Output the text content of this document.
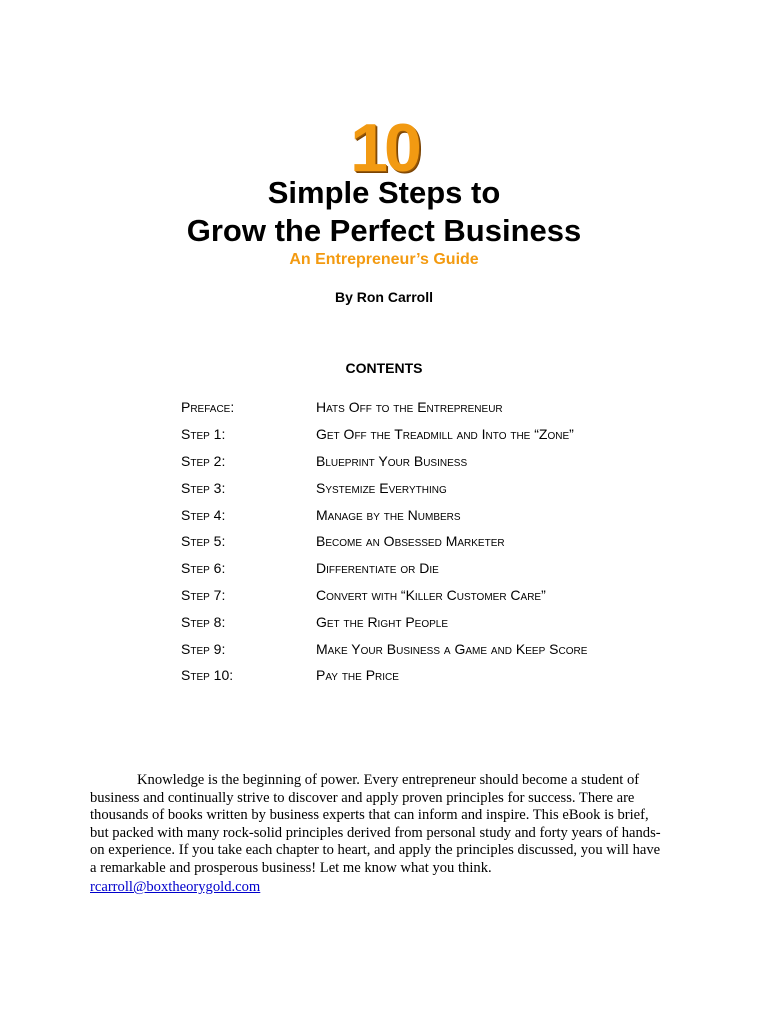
10
Simple Steps to
Grow the Perfect Business
An Entrepreneur’s Guide
By Ron Carroll
CONTENTS
Preface:	Hats Off to the Entrepreneur
Step 1:	Get Off the Treadmill and Into the “Zone”
Step 2:	Blueprint Your Business
Step 3:	Systemize Everything
Step 4:	Manage by the Numbers
Step 5:	Become an Obsessed Marketer
Step 6:	Differentiate or Die
Step 7:	Convert with “Killer Customer Care”
Step 8:	Get the Right People
Step 9:	Make Your Business a Game and Keep Score
Step 10:	Pay the Price

Knowledge is the beginning of power. Every entrepreneur should become a student of business and continually strive to discover and apply proven principles for success. There are thousands of books written by business experts that can inform and inspire. This eBook is brief, but packed with many rock-solid principles derived from personal study and forty years of hands-on experience. If you take each chapter to heart, and apply the principles discussed, you will have a remarkable and prosperous business! Let me know what you think.

rcarroll@boxtheorygold.com
